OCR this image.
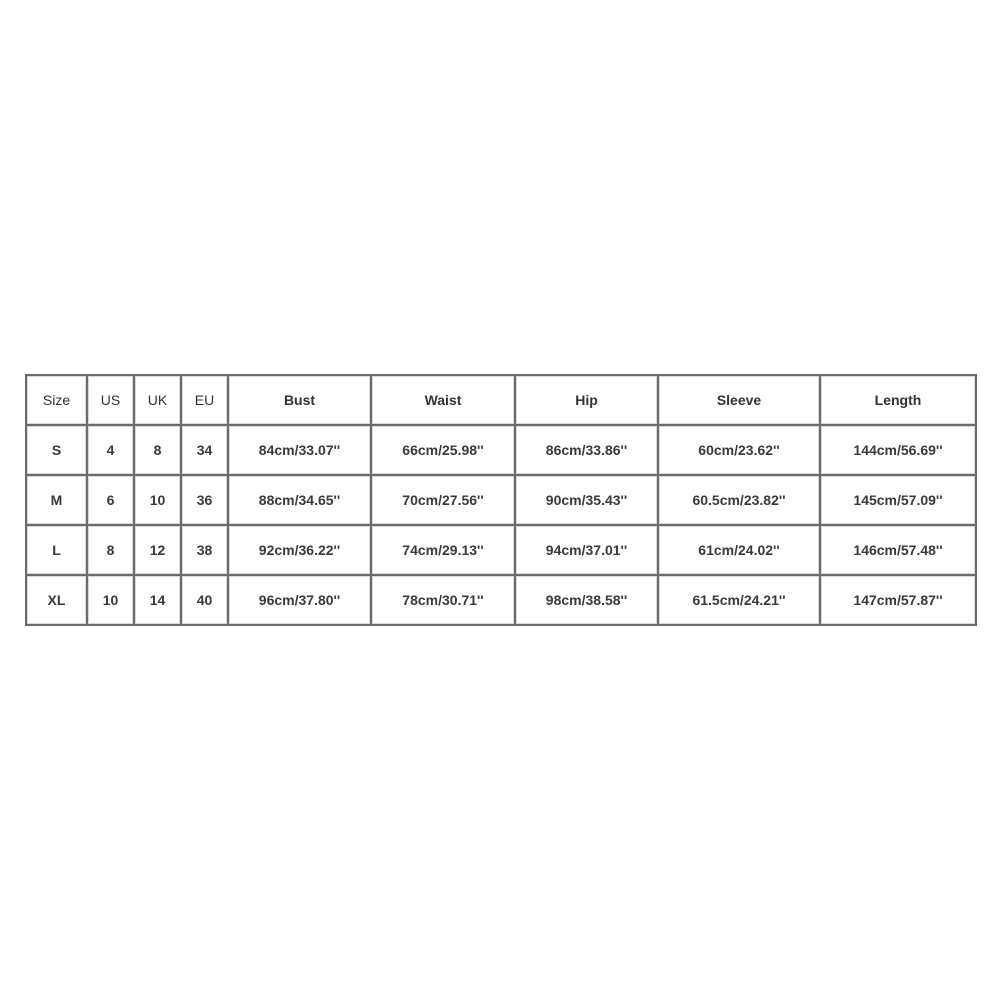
Size	US	UK	EU	Bust	Waist	Hip	Sleeve	Length
S	4	8	34	84cm/33.07''	66cm/25.98''	86cm/33.86''	60cm/23.62''	144cm/56.69''
M	6	10	36	88cm/34.65''	70cm/27.56''	90cm/35.43''	60.5cm/23.82''	145cm/57.09''
L	8	12	38	92cm/36.22''	74cm/29.13''	94cm/37.01''	61cm/24.02''	146cm/57.48''
XL	10	14	40	96cm/37.80''	78cm/30.71''	98cm/38.58''	61.5cm/24.21''	147cm/57.87''
